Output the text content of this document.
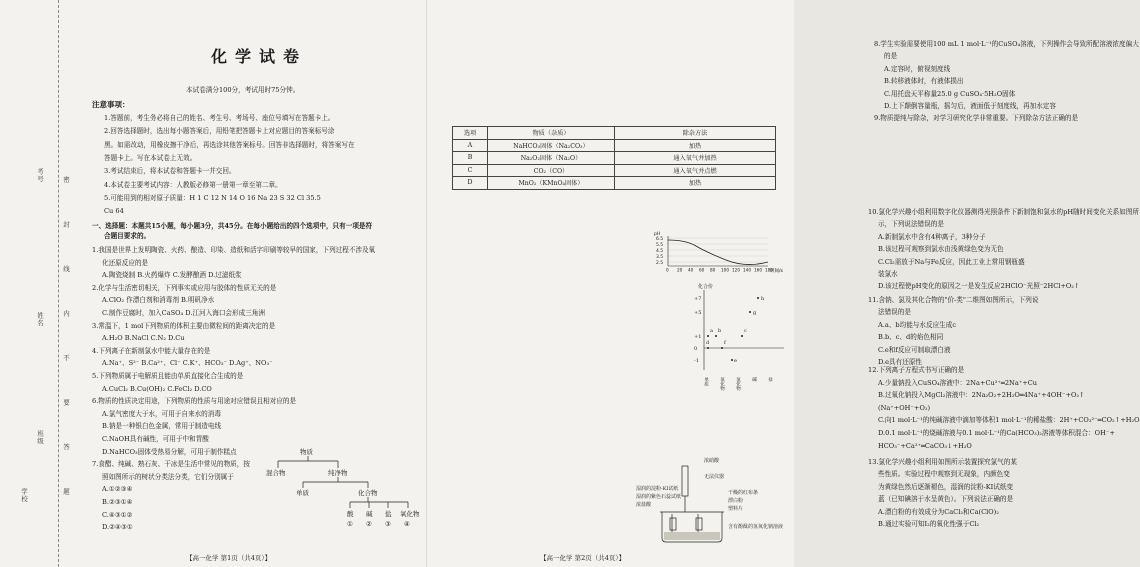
考号
姓名
班级
学校	密 封 线 内 不 要 答 题
化学试卷
本试卷满分100分，考试用时75分钟。
注意事项：
1.答题前，考生务必将自己的姓名、考生号、考场号、座位号填写在答题卡上。
2.回答选择题时，选出每小题答案后，用铅笔把答题卡上对应题目的答案标号涂
黑。如需改动，用橡皮擦干净后，再选涂其他答案标号。回答非选择题时，将答案写在
答题卡上。写在本试卷上无效。
3.考试结束后，将本试卷和答题卡一并交回。
4.本试卷主要考试内容：人教版必修第一册第一章至第二章。
5.可能用到的相对原子质量：H 1 C 12 N 14 O 16 Na 23 S 32 Cl 35.5
Cu 64
一、选择题：本题共15小题，每小题3分，共45分。在每小题给出的四个选项中，只有一项是符
合题目要求的。
1.我国是世界上发明陶瓷、火药、酿造、印染、造纸和活字印刷等较早的国家，下列过程不涉及氧
化还原反应的是
A.陶瓷烧制 B.火药爆炸 C.发酵酿酒 D.过滤纸浆
2.化学与生活密切相关，下列事实或应用与胶体的性质无关的是
A.ClO₂ 作漂白剂和消毒剂 B.明矾净水
C.制作豆腐时，加入CaSO₄ D.江河入海口会形成三角洲
3.常温下，1 mol下列物质的体积主要由微粒间的距离决定的是
A.H₂O B.NaCl C.N₂ D.Cu
4.下列离子在新制氯水中能大量存在的是
A.Na⁺、S²⁻ B.Ca²⁺、Cl⁻ C.K⁺、HCO₃⁻ D.Ag⁺、NO₃⁻
5.下列物质属于电解质且能由单质直接化合生成的是
A.CuCl₂ B.Cu(OH)₂ C.FeCl₂ D.CO
6.物质的性质决定用途，下列物质的性质与用途对应错误且相对应的是
A.氯气密度大于水，可用于自来水的消毒
B.钠是一种银白色金属，常用于制造电线
C.NaOH具有碱性，可用于中和胃酸
D.NaHCO₃固体受热易分解，可用于制作糕点
7.食醋、纯碱、熟石灰、干冰是生活中常见的物质，按
照如图所示的树状分类法分类，它们分别属于
A.①②③④
B.②③①④
C.④③①②
D.②④③①
物质
混合物	纯净物
单质	化合物
酸 碱 盐 氧化物
① ② ③ ④
【高一化学 第1页（共4页）】
8.学生实验需要使用100 mL 1 mol·L⁻¹的CuSO₄溶液，下列操作会导致所配溶液浓度偏大
的是
A.定容时，俯视刻度线
B.转移液体时，有液体损出
C.用托盘天平称量25.0 g CuSO₄·5H₂O固体
D.上下颠倒容量瓶，摇匀后，液面低于刻度线，再加水定容
9.物质提纯与除杂，对学习研究化学非常重要。下列除杂方法正确的是
10.氯化学兴趣小组利用数字化仪器测得光照条件下新制饱和氯水的pH随时间变化关系如图所
示，下列说法错误的是
A.新制氯水中含有4种离子，3种分子
B.该过程可观察到氯水由浅黄绿色变为无色
C.Cl₂需放于Na与Fe反应，因此工业上常用钢瓶盛
装氯水
D.该过程使pH变化的原因之一是发生反应2HClO⁻光照⁻2HCl+O₂↑
11.含钠、氯及其化合物的"价-类"二维图如图所示，下列说
法错误的是
A.a、b均能与水反应生成c
B.b、c、d的焰色相同
C.e和f反应可制取漂白液
D.e具有还原性
12.下列离子方程式书写正确的是
A.少量钠投入CuSO₄溶液中：2Na+Cu²⁺═2Na⁺+Cu
B.过氧化钠投入MgCl₂溶液中：2Na₂O₂+2H₂O═4Na⁺+4OH⁻+O₂↑
(Na⁺+OH⁻+O₂)
C.向1 mol·L⁻¹的纯碱溶液中滴加等体积1 mol·L⁻¹的稀盐酸：2H⁺+CO₃²⁻═CO₂↑+H₂O
D.0.1 mol·L⁻¹的烧碱溶液与0.1 mol·L⁻¹的Ca(HCO₃)₂溶液等体积混合：OH⁻+
HCO₃⁻+Ca²⁺═CaCO₃↓+H₂O
13.氯化学兴趣小组利用如图所示装置探究氯气的某
些性质。实验过程中观察到无现象，内颜色变
为黄绿色然后逐渐褪色，湿润的淀粉-KI试纸变
蓝（已知碘溶于水呈黄色）。下列说法正确的是
A.漂白粉的有效成分为CaCl₂和Ca(ClO)₂
B.通过实验可知I₂的氧化性强于Cl₂
【高一化学 第2页（共4页）】
选项	物质（杂质）	除杂方法
A	NaHCO₃固体（Na₂CO₃）	加热
B	Na₂O₂固体（Na₂O）	通入氧气并加热
C	CO₂（CO）	通入氧气并点燃
D	MnO₂（KMnO₄固体）	加热
pH
6.5
5.5
4.5
3.5
2.5
0 20 40 60 80 100 120 140 160 180
时间/s
化合价
+7
+5
+1
0
-1
h
g
a b	c
d
e
f
单质 氧化物 氢化物 碱 盐
浓硝酸
无法仪器
湿润的淀粉-KI试纸
湿润的紫色石蕊试纸
浓盐酸
干燥的红布条
漂白粉
塑料片
含有酚酞的氢氧化钠溶液
